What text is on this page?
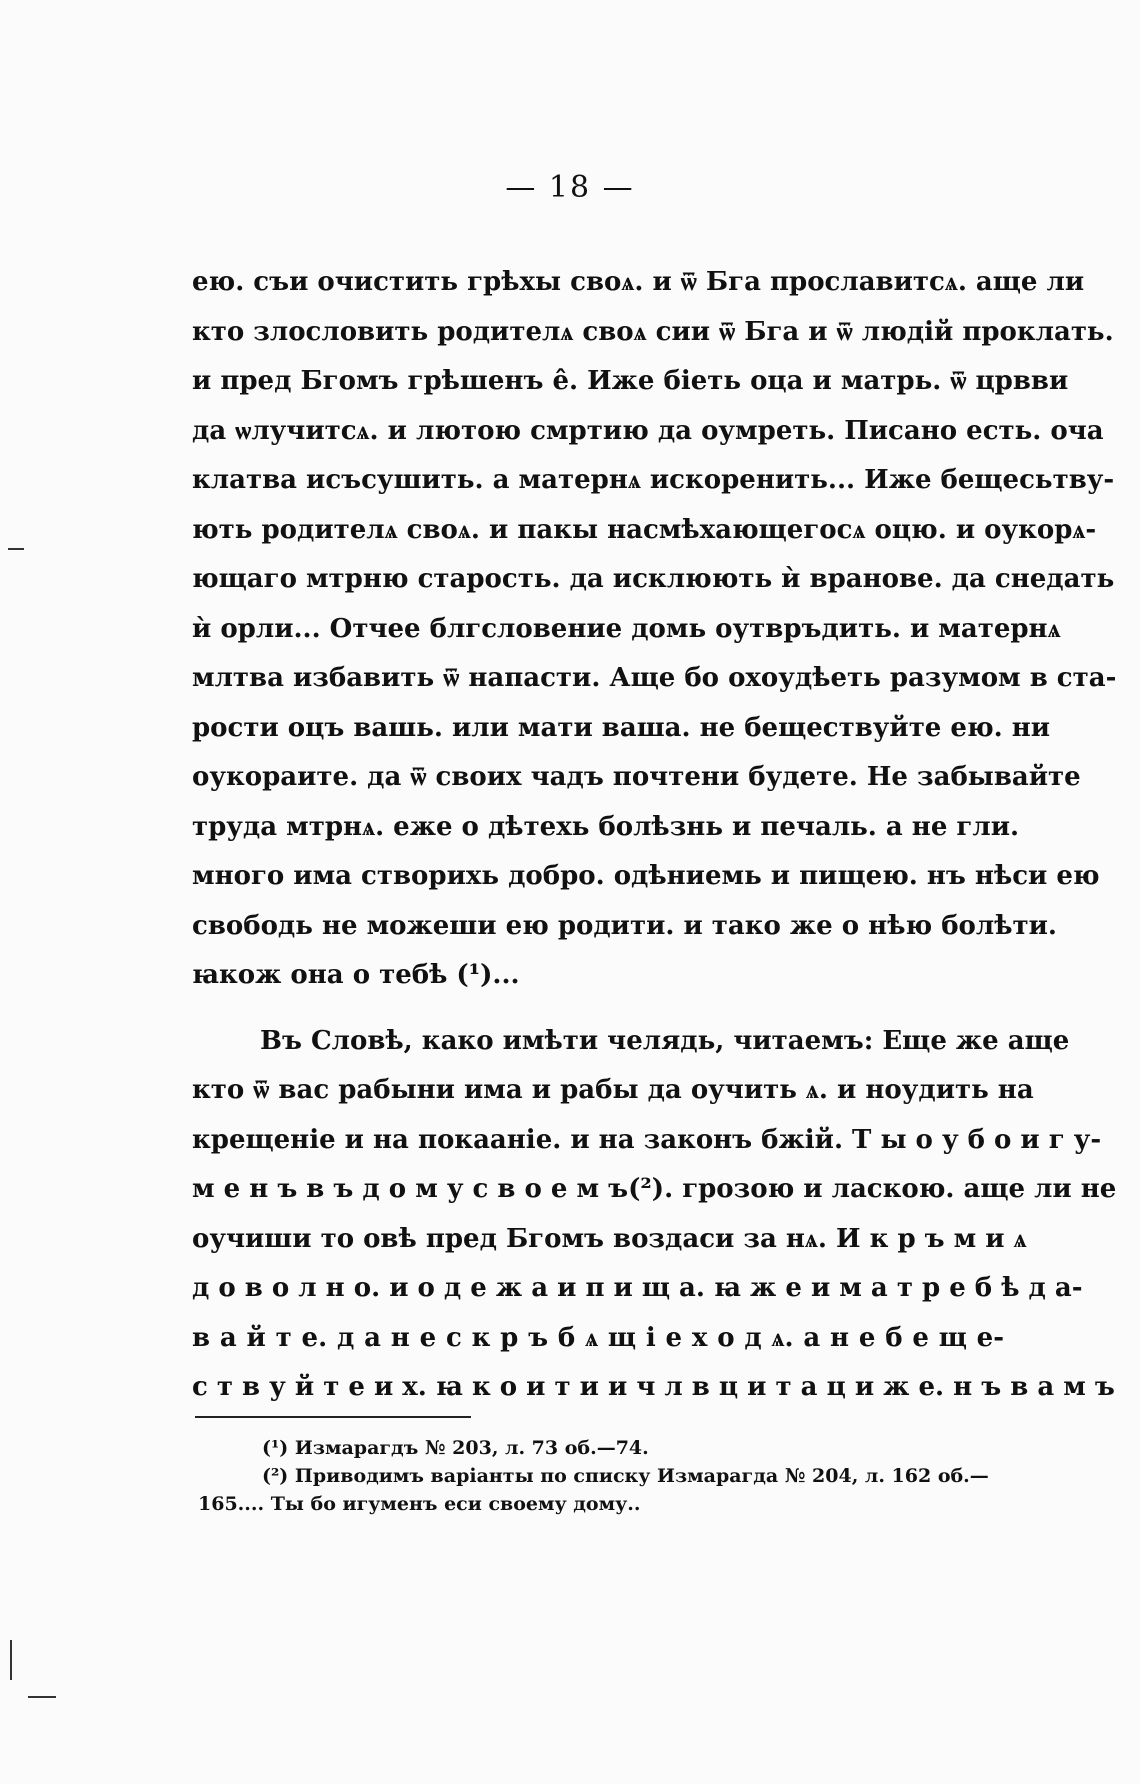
— 18 —
ею. съи очистить грѣхы своѧ. и ѿ Бга прославитсѧ. аще ли
кто злословить родителѧ своѧ сии ѿ Бга и ѿ людій проклать.
и пред Бгомъ грѣшенъ е̂. Иже біеть оца и матрь. ѿ црвви
да ѡлучитсѧ. и лютою смртию да оумреть. Писано есть. оча
клатва исъсушить. а матернѧ искоренить... Иже бещесьтву-
ють родителѧ своѧ. и пакы насмѣхающегосѧ оцю. и оукорѧ-
ющаго мтрню старость. да исклюють ѝ вранове. да снедать
ѝ орли... Отчее блгсловение домь оутвръдить. и матернѧ
млтва избавить ѿ напасти. Аще бо охоудѣеть разумом в ста-
рости оцъ вашь. или мати ваша. не беществуйте ею. ни
оукораите. да ѿ своих чадъ почтени будете. Не забывайте
труда мтрнѧ. еже о дѣтехь болѣзнь и печаль. а не гли.
много има створихь добро. одѣниемь и пищею. нъ нѣси ею
свободь не можеши ею родити. и тако же о нѣю болѣти.
ꙗкож она о тебѣ (¹)...
Въ Словѣ, како имѣти челядь, читаемъ: Еще же аще
кто ѿ вас рабыни има и рабы да оучить ѧ. и ноудить на
крещеніе и на покааніе. и на законъ бжій. Т ы о у б о и г у-
м е н ъ в ъ д о м у с в о е м ъ(²). грозою и ласкою. аще ли не
оучиши то овѣ пред Бгомъ воздаси за нѧ. И к р ъ м и ѧ
д о в о л н о. и о д е ж а и п и щ а. ꙗ ж е и м а т р е б ѣ д а-
в а й т е. д а н е с к р ъ б ѧ щ і е х о д ѧ. а н е б е щ е-
с т в у й т е и х. ꙗ к о и т и и ч л в ц и т а ц и ж е. н ъ в а м ъ
(¹) Измарагдъ № 203, л. 73 об.—74.
(²) Приводимъ варіанты по списку Измарагда № 204, л. 162 об.—
165.... Ты бо игуменъ еси своему дому..
